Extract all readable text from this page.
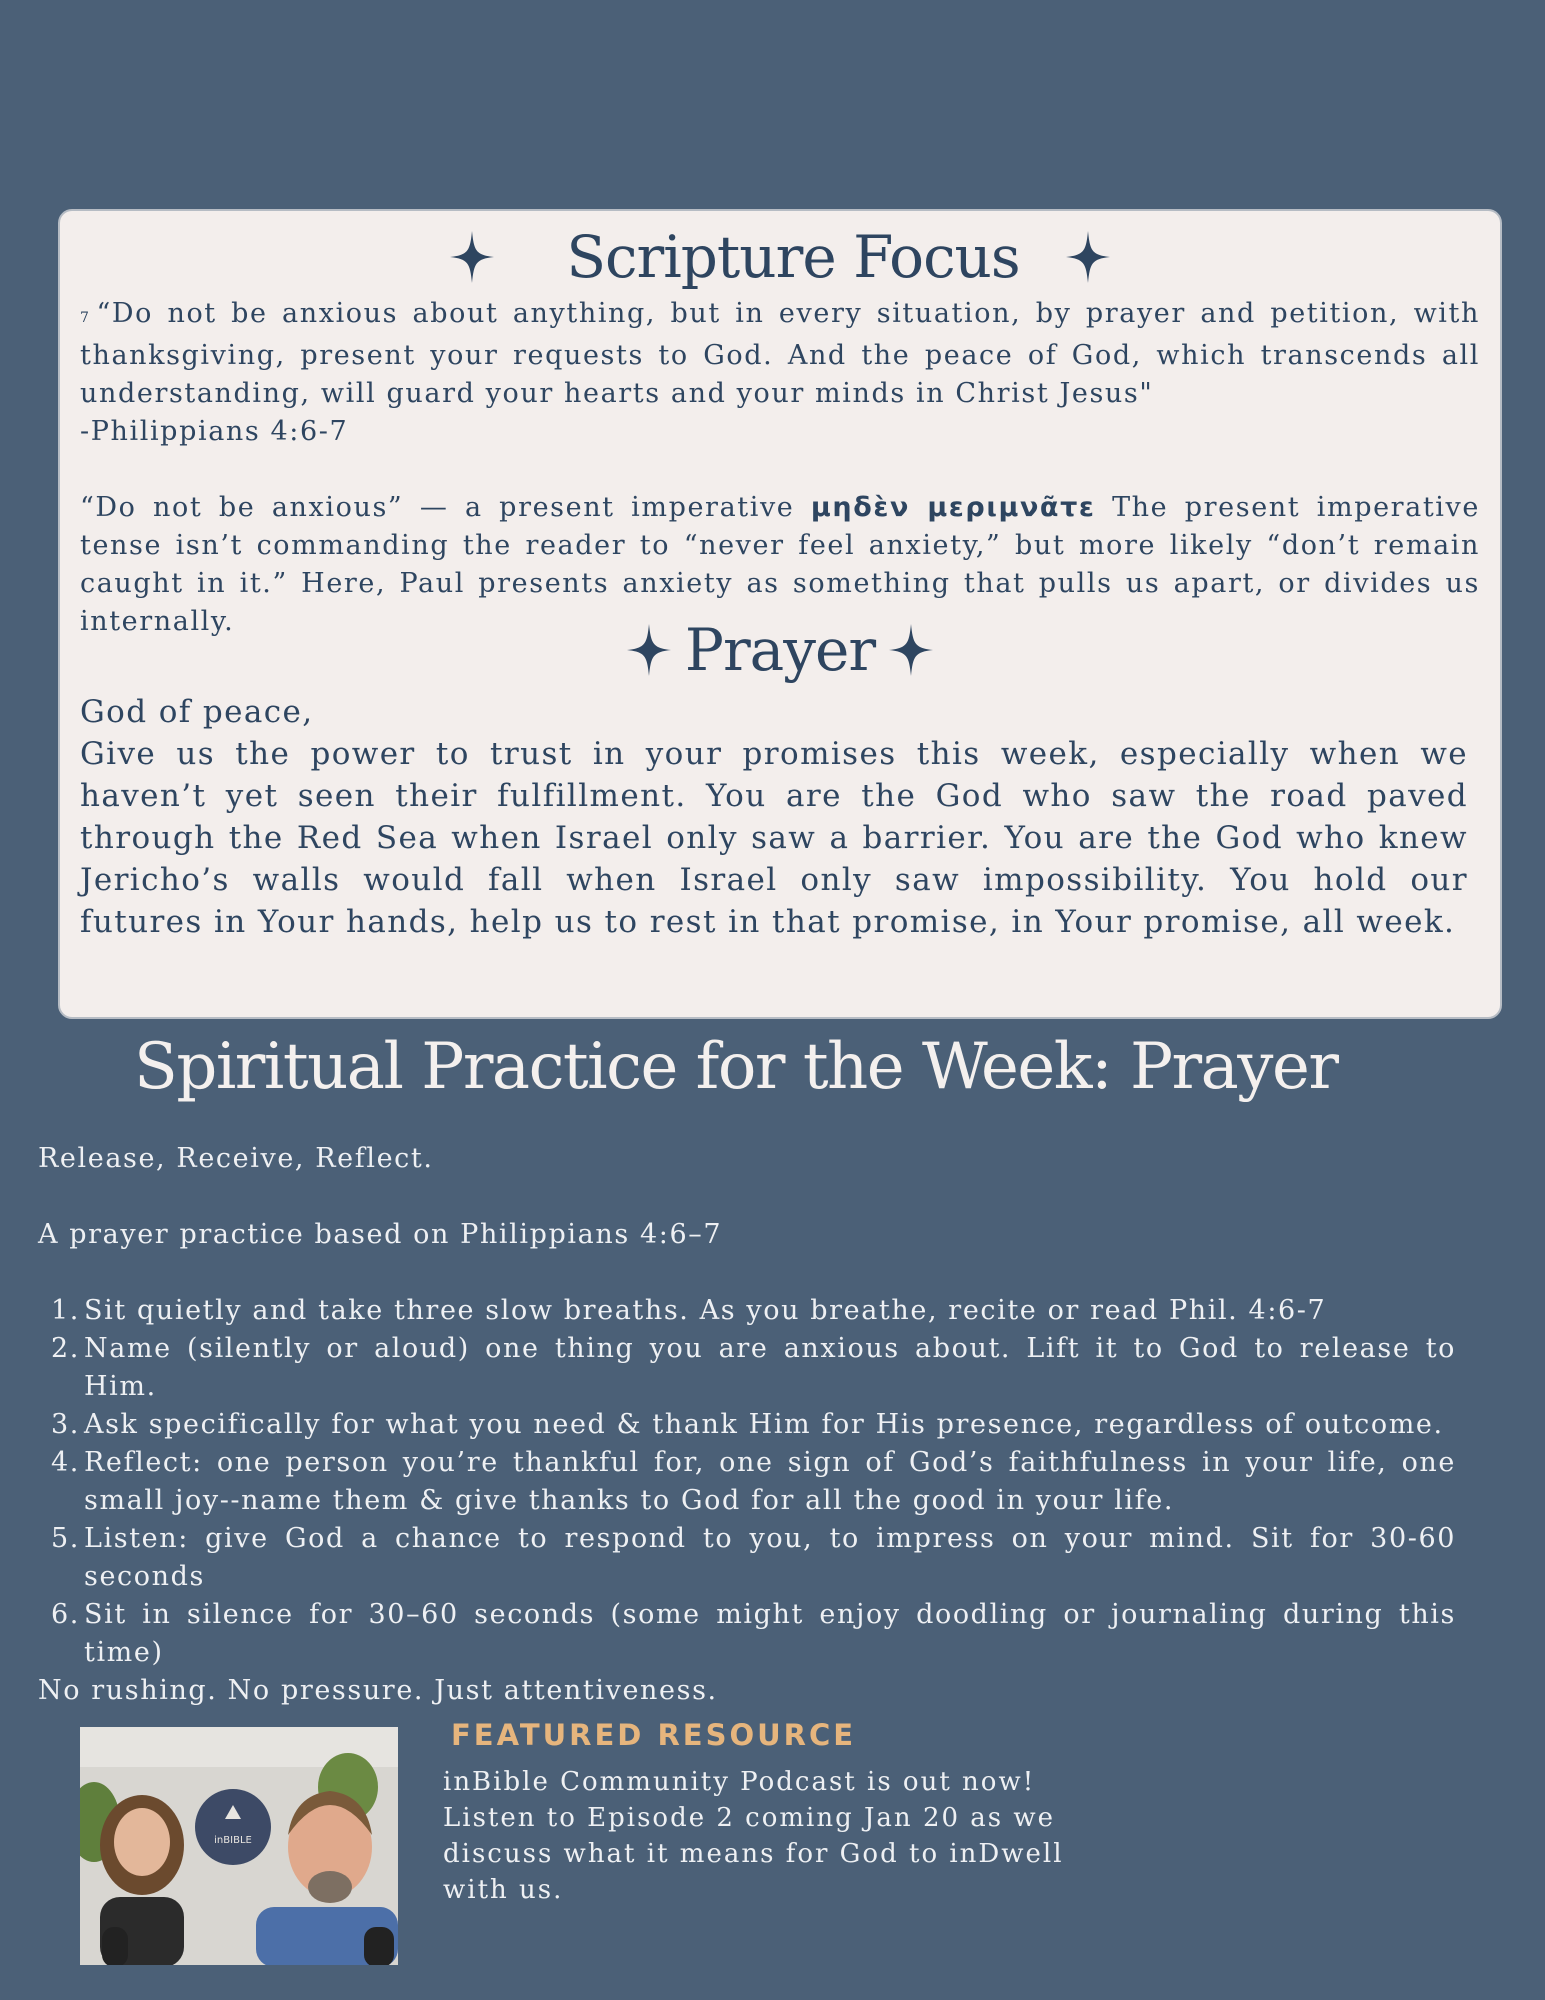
Scripture Focus
7 “Do not be anxious about anything, but in every situation, by prayer and petition, with thanksgiving, present your requests to God. And the peace of God, which transcends all understanding, will guard your hearts and your minds in Christ Jesus"
-Philippians 4:6-7
“Do not be anxious” — a present imperative μηδὲν μεριμνᾶτε The present imperative tense isn’t commanding the reader to “never feel anxiety,” but more likely “don’t remain caught in it.” Here, Paul presents anxiety as something that pulls us apart, or divides us internally.	Prayer
God of peace,
Give us the power to trust in your promises this week, especially when we haven’t yet seen their fulfillment. You are the God who saw the road paved through the Red Sea when Israel only saw a barrier. You are the God who knew Jericho’s walls would fall when Israel only saw impossibility. You hold our futures in Your hands, help us to rest in that promise, in Your promise, all week.
Spiritual Practice for the Week: Prayer

Release, Receive, Reflect.

A prayer practice based on Philippians 4:6–7

1. Sit quietly and take three slow breaths. As you breathe, recite or read Phil. 4:6-7
2. Name (silently or aloud) one thing you are anxious about. Lift it to God to release to Him.
3. Ask specifically for what you need & thank Him for His presence, regardless of outcome.
4. Reflect: one person you’re thankful for, one sign of God’s faithfulness in your life, one small joy--name them & give thanks to God for all the good in your life.
5. Listen: give God a chance to respond to you, to impress on your mind. Sit for 30-60 seconds
6. Sit in silence for 30–60 seconds (some might enjoy doodling or journaling during this time)

No rushing. No pressure. Just attentiveness.

inBIBLE
FEATURED RESOURCE
inBible Community Podcast is out now! Listen to Episode 2 coming Jan 20 as we discuss what it means for God to inDwell with us.
